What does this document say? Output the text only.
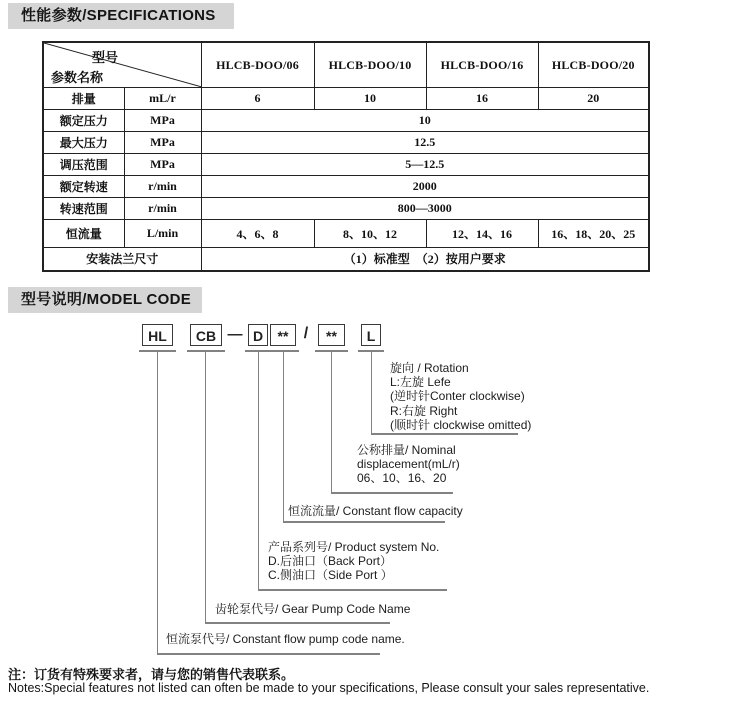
性能参数/SPECIFICATIONS
型号
参数名称		HLCB-DOO/06	HLCB-DOO/10	HLCB-DOO/16	HLCB-DOO/20
排量	mL/r	6	10	16	20
额定压力	MPa	10			
最大压力	MPa	12.5			
调压范围	MPa	5—12.5			
额定转速	r/min	2000			
转速范围	r/min	800—3000			
恒流量	L/min	4、6、8	8、10、12	12、14、16	16、18、20、25
安装法兰尺寸		（1）标准型　（2）按用户要求			
型号说明/MODEL CODE
HL	CB — D	** /	**	L
旋向 / Rotation
L:左旋 Lefe
(逆时针Conter clockwise)
R:右旋 Right
(顺时针 clockwise omitted)
公称排量/ Nominal
displacement(mL/r)
06、10、16、20
恒流流量/ Constant flow capacity
产品系列号/ Product system No.
D.后油口（Back Port）
C.侧油口（Side Port ）
齿轮泵代号/ Gear Pump Code Name
恒流泵代号/ Constant flow pump code name.
注：订货有特殊要求者，请与您的销售代表联系。
Notes:Special features not listed can often be made to your specifications, Please consult your sales representative.
